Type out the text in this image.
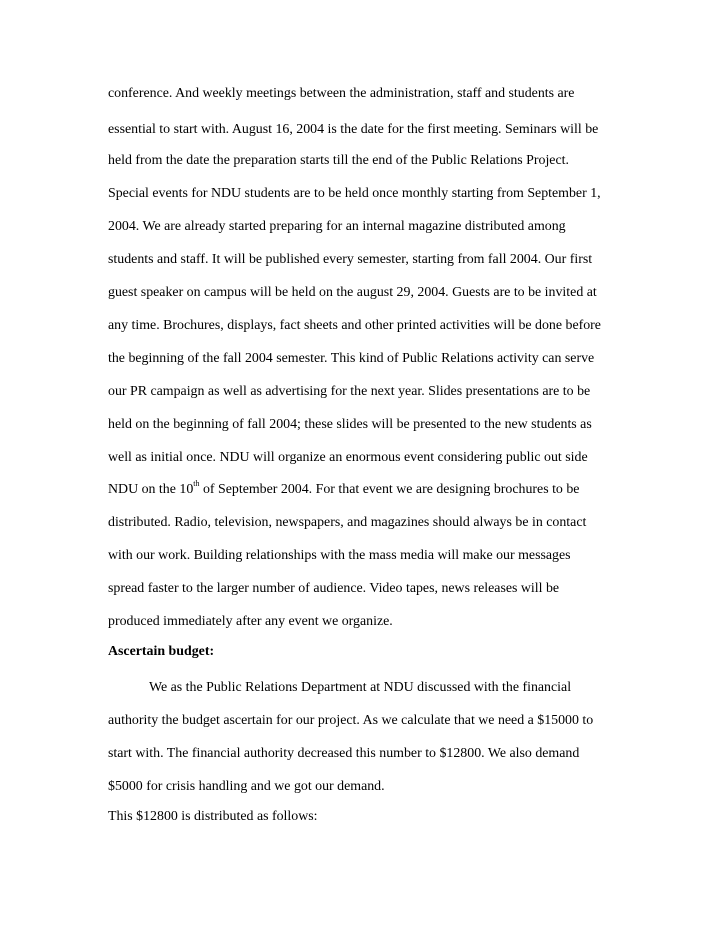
conference. And weekly meetings between the administration, staff and students are
essential to start with. August 16, 2004 is the date for the first meeting. Seminars will be
held from the date the preparation starts till the end of the Public Relations Project.
Special events for NDU students are to be held once monthly starting from September 1,
2004. We are already started preparing for an internal magazine distributed among
students and staff. It will be published every semester, starting from fall 2004. Our first
guest speaker on campus will be held on the august 29, 2004. Guests are to be invited at
any time. Brochures, displays, fact sheets and other printed activities will be done before
the beginning of the fall 2004 semester. This kind of Public Relations activity can serve
our PR campaign as well as advertising for the next year. Slides presentations are to be
held on the beginning of fall 2004; these slides will be presented to the new students as
well as initial once. NDU will organize an enormous event considering public out side
NDU on the 10th of September 2004. For that event we are designing brochures to be
distributed. Radio, television, newspapers, and magazines should always be in contact
with our work. Building relationships with the mass media will make our messages
spread faster to the larger number of audience. Video tapes, news releases will be
produced immediately after any event we organize.
Ascertain budget:
We as the Public Relations Department at NDU discussed with the financial
authority the budget ascertain for our project. As we calculate that we need a $15000 to
start with. The financial authority decreased this number to $12800. We also demand
$5000 for crisis handling and we got our demand.
This $12800 is distributed as follows:
